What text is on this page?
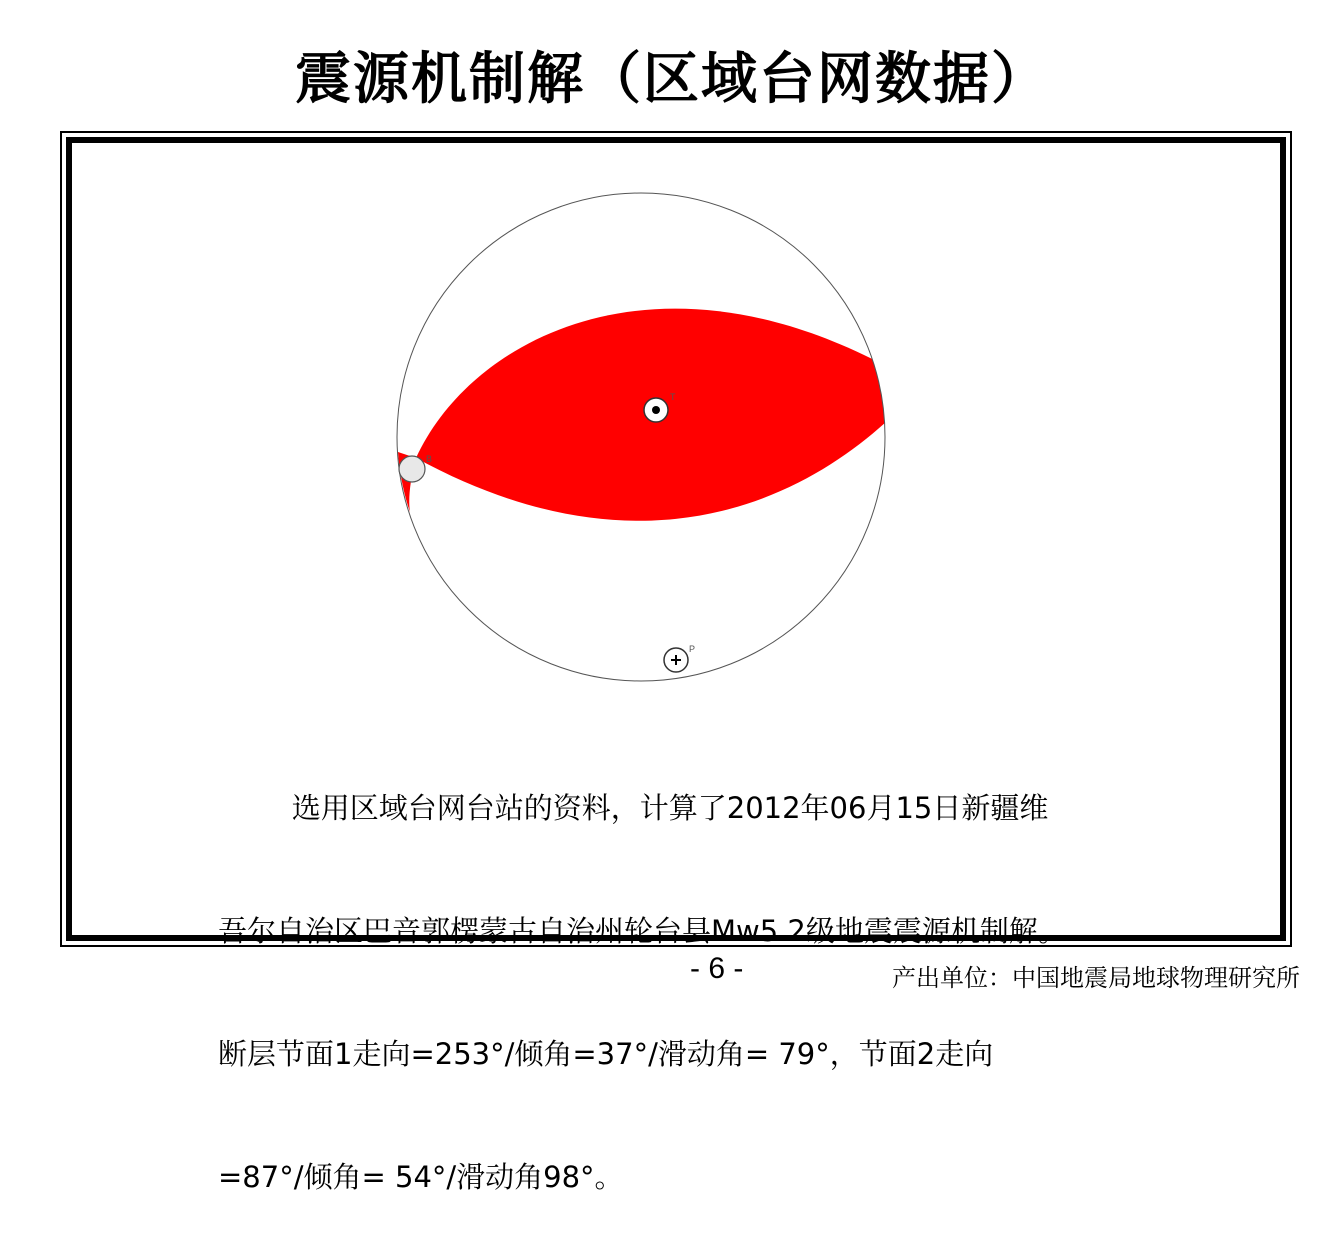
震源机制解（区域台网数据）
T
B
P

选用区域台网台站的资料，计算了2012年06月15日新疆维

吾尔自治区巴音郭楞蒙古自治州轮台县Mw5.2级地震震源机制解。

断层节面1走向=253°/倾角=37°/滑动角= 79°，节面2走向

=87°/倾角= 54°/滑动角98°。

- 6 -	产出单位：中国地震局地球物理研究所
